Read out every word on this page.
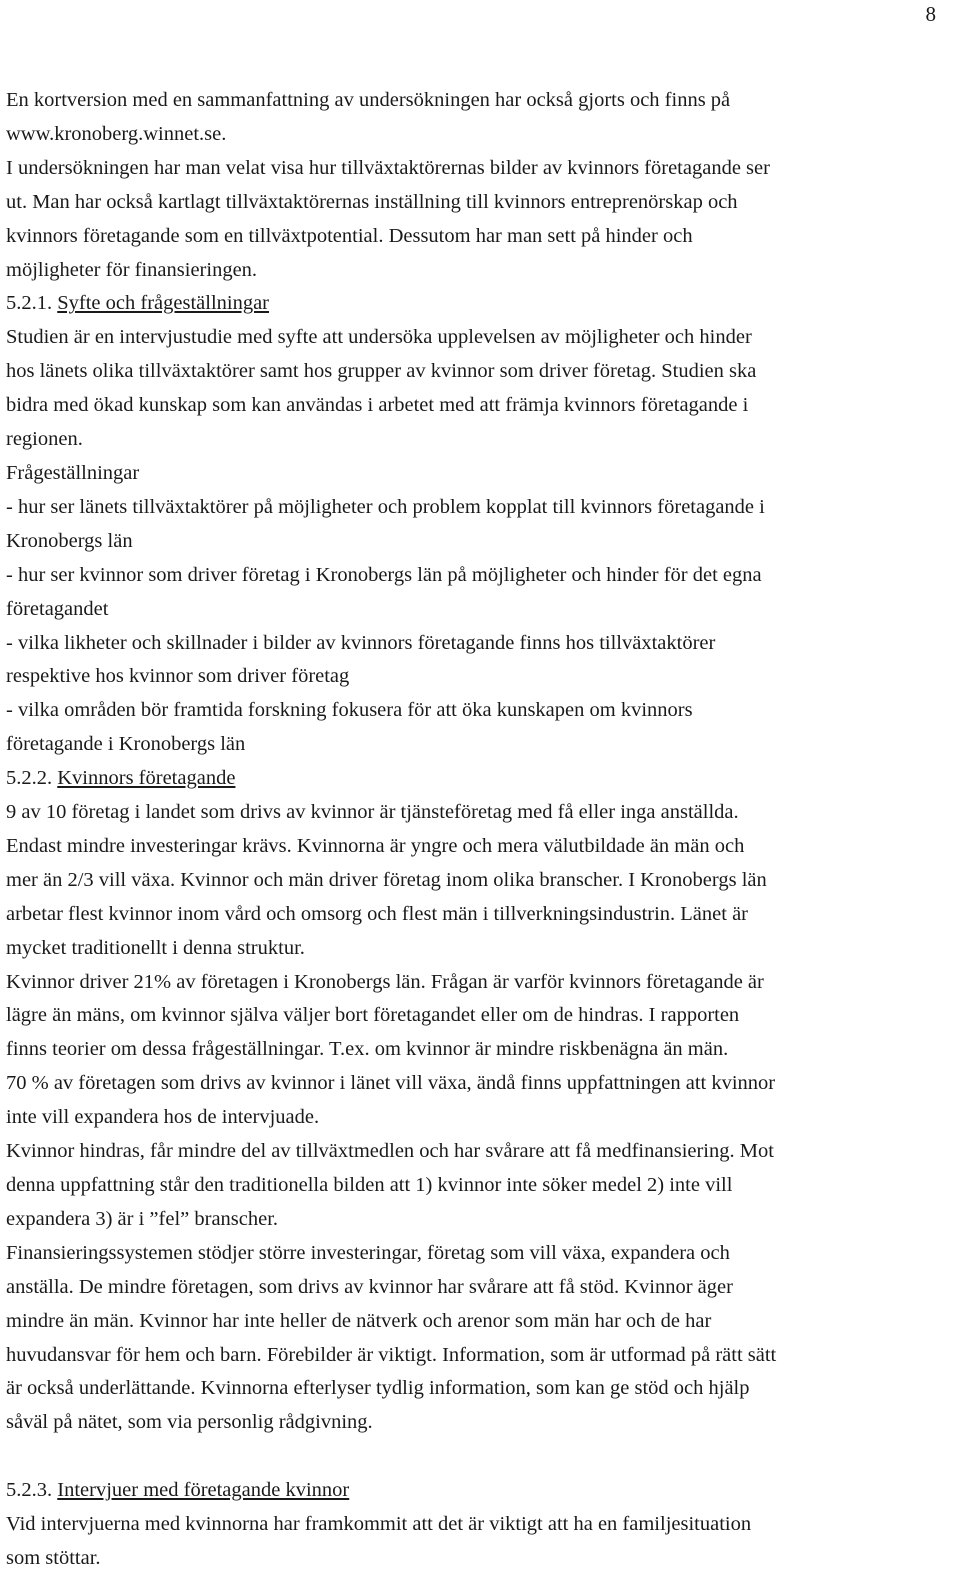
8
En kortversion med en sammanfattning av undersökningen har också gjorts och finns på
www.kronoberg.winnet.se.
I undersökningen har man velat visa hur tillväxtaktörernas bilder av kvinnors företagande ser
ut. Man har också kartlagt tillväxtaktörernas inställning till kvinnors entreprenörskap och
kvinnors företagande som en tillväxtpotential. Dessutom har man sett på hinder och
möjligheter för finansieringen.
5.2.1. Syfte och frågeställningar
Studien är en intervjustudie med syfte att undersöka upplevelsen av möjligheter och hinder
hos länets olika tillväxtaktörer samt hos grupper av kvinnor som driver företag. Studien ska
bidra med ökad kunskap som kan användas i arbetet med att främja kvinnors företagande i
regionen.
Frågeställningar
- hur ser länets tillväxtaktörer på möjligheter och problem kopplat till kvinnors företagande i
Kronobergs län
- hur ser kvinnor som driver företag i Kronobergs län på möjligheter och hinder för det egna
företagandet
- vilka likheter och skillnader i bilder av kvinnors företagande finns hos tillväxtaktörer
respektive hos kvinnor som driver företag
- vilka områden bör framtida forskning fokusera för att öka kunskapen om kvinnors
företagande i Kronobergs län
5.2.2. Kvinnors företagande
9 av 10 företag i landet som drivs av kvinnor är tjänsteföretag med få eller inga anställda.
Endast mindre investeringar krävs. Kvinnorna är yngre och mera välutbildade än män och
mer än 2/3 vill växa. Kvinnor och män driver företag inom olika branscher. I Kronobergs län
arbetar flest kvinnor inom vård och omsorg och flest män i tillverkningsindustrin. Länet är
mycket traditionellt i denna struktur.
Kvinnor driver 21% av företagen i Kronobergs län. Frågan är varför kvinnors företagande är
lägre än mäns, om kvinnor själva väljer bort företagandet eller om de hindras. I rapporten
finns teorier om dessa frågeställningar. T.ex. om kvinnor är mindre riskbenägna än män.
70 % av företagen som drivs av kvinnor i länet vill växa, ändå finns uppfattningen att kvinnor
inte vill expandera hos de intervjuade.
Kvinnor hindras, får mindre del av tillväxtmedlen och har svårare att få medfinansiering. Mot
denna uppfattning står den traditionella bilden att 1) kvinnor inte söker medel 2) inte vill
expandera 3) är i ”fel” branscher.
Finansieringssystemen stödjer större investeringar, företag som vill växa, expandera och
anställa. De mindre företagen, som drivs av kvinnor har svårare att få stöd. Kvinnor äger
mindre än män. Kvinnor har inte heller de nätverk och arenor som män har och de har
huvudansvar för hem och barn. Förebilder är viktigt. Information, som är utformad på rätt sätt
är också underlättande. Kvinnorna efterlyser tydlig information, som kan ge stöd och hjälp
såväl på nätet, som via personlig rådgivning.
5.2.3. Intervjuer med företagande kvinnor
Vid intervjuerna med kvinnorna har framkommit att det är viktigt att ha en familjesituation
som stöttar.
